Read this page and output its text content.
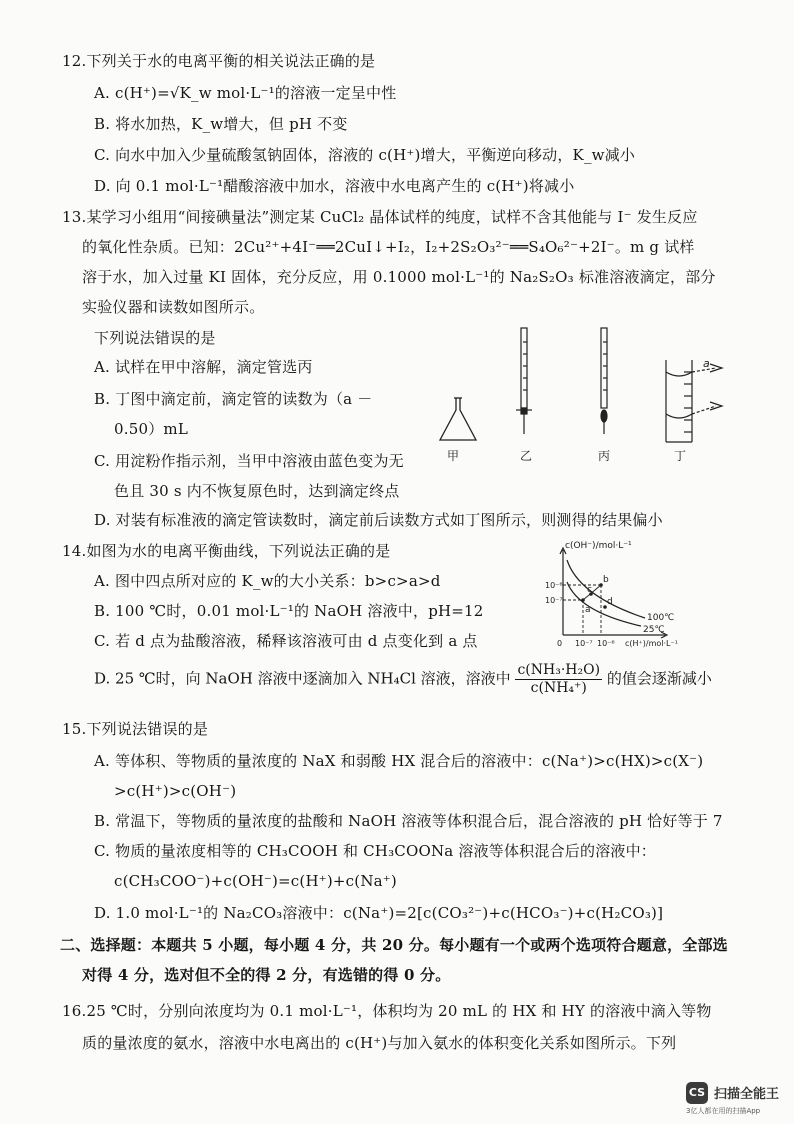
12.下列关于水的电离平衡的相关说法正确的是
A. c(H⁺)=√K_w mol·L⁻¹的溶液一定呈中性
B. 将水加热，K_w增大，但 pH 不变
C. 向水中加入少量硫酸氢钠固体，溶液的 c(H⁺)增大，平衡逆向移动，K_w减小
D. 向 0.1 mol·L⁻¹醋酸溶液中加水，溶液中水电离产生的 c(H⁺)将减小
13.某学习小组用“间接碘量法”测定某 CuCl₂ 晶体试样的纯度，试样不含其他能与 I⁻ 发生反应
的氧化性杂质。已知：2Cu²⁺+4I⁻══2CuI↓+I₂，I₂+2S₂O₃²⁻══S₄O₆²⁻+2I⁻。m g 试样
溶于水，加入过量 KI 固体，充分反应，用 0.1000 mol·L⁻¹的 Na₂S₂O₃ 标准溶液滴定，部分
实验仪器和读数如图所示。
下列说法错误的是
A. 试样在甲中溶解，滴定管选丙
B. 丁图中滴定前，滴定管的读数为（a －
0.50）mL
C. 用淀粉作指示剂，当甲中溶液由蓝色变为无
色且 30 s 内不恢复原色时，达到滴定终点
D. 对装有标准液的滴定管读数时，滴定前后读数方式如丁图所示，则测得的结果偏小
a
甲	乙	丙	丁
14.如图为水的电离平衡曲线，下列说法正确的是
A. 图中四点所对应的 K_w的大小关系：b>c>a>d
B. 100 ℃时，0.01 mol·L⁻¹的 NaOH 溶液中，pH=12
C. 若 d 点为盐酸溶液，稀释该溶液可由 d 点变化到 a 点
D. 25 ℃时，向 NaOH 溶液中逐滴加入 NH₄Cl 溶液，溶液中 $\frac{\text{c(NH₃·H₂O)}}{\text{c(NH₄⁺)}}$ 的值会逐渐减小
c(OH⁻)/mol·L⁻¹
10⁻⁶
10⁻⁷
0 10⁻⁷ 10⁻⁶ c(H⁺)/mol·L⁻¹
a
b
c
d
100℃
25℃
15.下列说法错误的是
A. 等体积、等物质的量浓度的 NaX 和弱酸 HX 混合后的溶液中：c(Na⁺)>c(HX)>c(X⁻)
>c(H⁺)>c(OH⁻)
B. 常温下，等物质的量浓度的盐酸和 NaOH 溶液等体积混合后，混合溶液的 pH 恰好等于 7
C. 物质的量浓度相等的 CH₃COOH 和 CH₃COONa 溶液等体积混合后的溶液中：
c(CH₃COO⁻)+c(OH⁻)=c(H⁺)+c(Na⁺)
D. 1.0 mol·L⁻¹的 Na₂CO₃溶液中：c(Na⁺)=2[c(CO₃²⁻)+c(HCO₃⁻)+c(H₂CO₃)]
二、选择题：本题共 5 小题，每小题 4 分，共 20 分。每小题有一个或两个选项符合题意，全部选
对得 4 分，选对但不全的得 2 分，有选错的得 0 分。
16.25 ℃时，分别向浓度均为 0.1 mol·L⁻¹，体积均为 20 mL 的 HX 和 HY 的溶液中滴入等物
质的量浓度的氨水，溶液中水电离出的 c(H⁺)与加入氨水的体积变化关系如图所示。下列
CS 扫描全能王
3亿人都在用的扫描App
